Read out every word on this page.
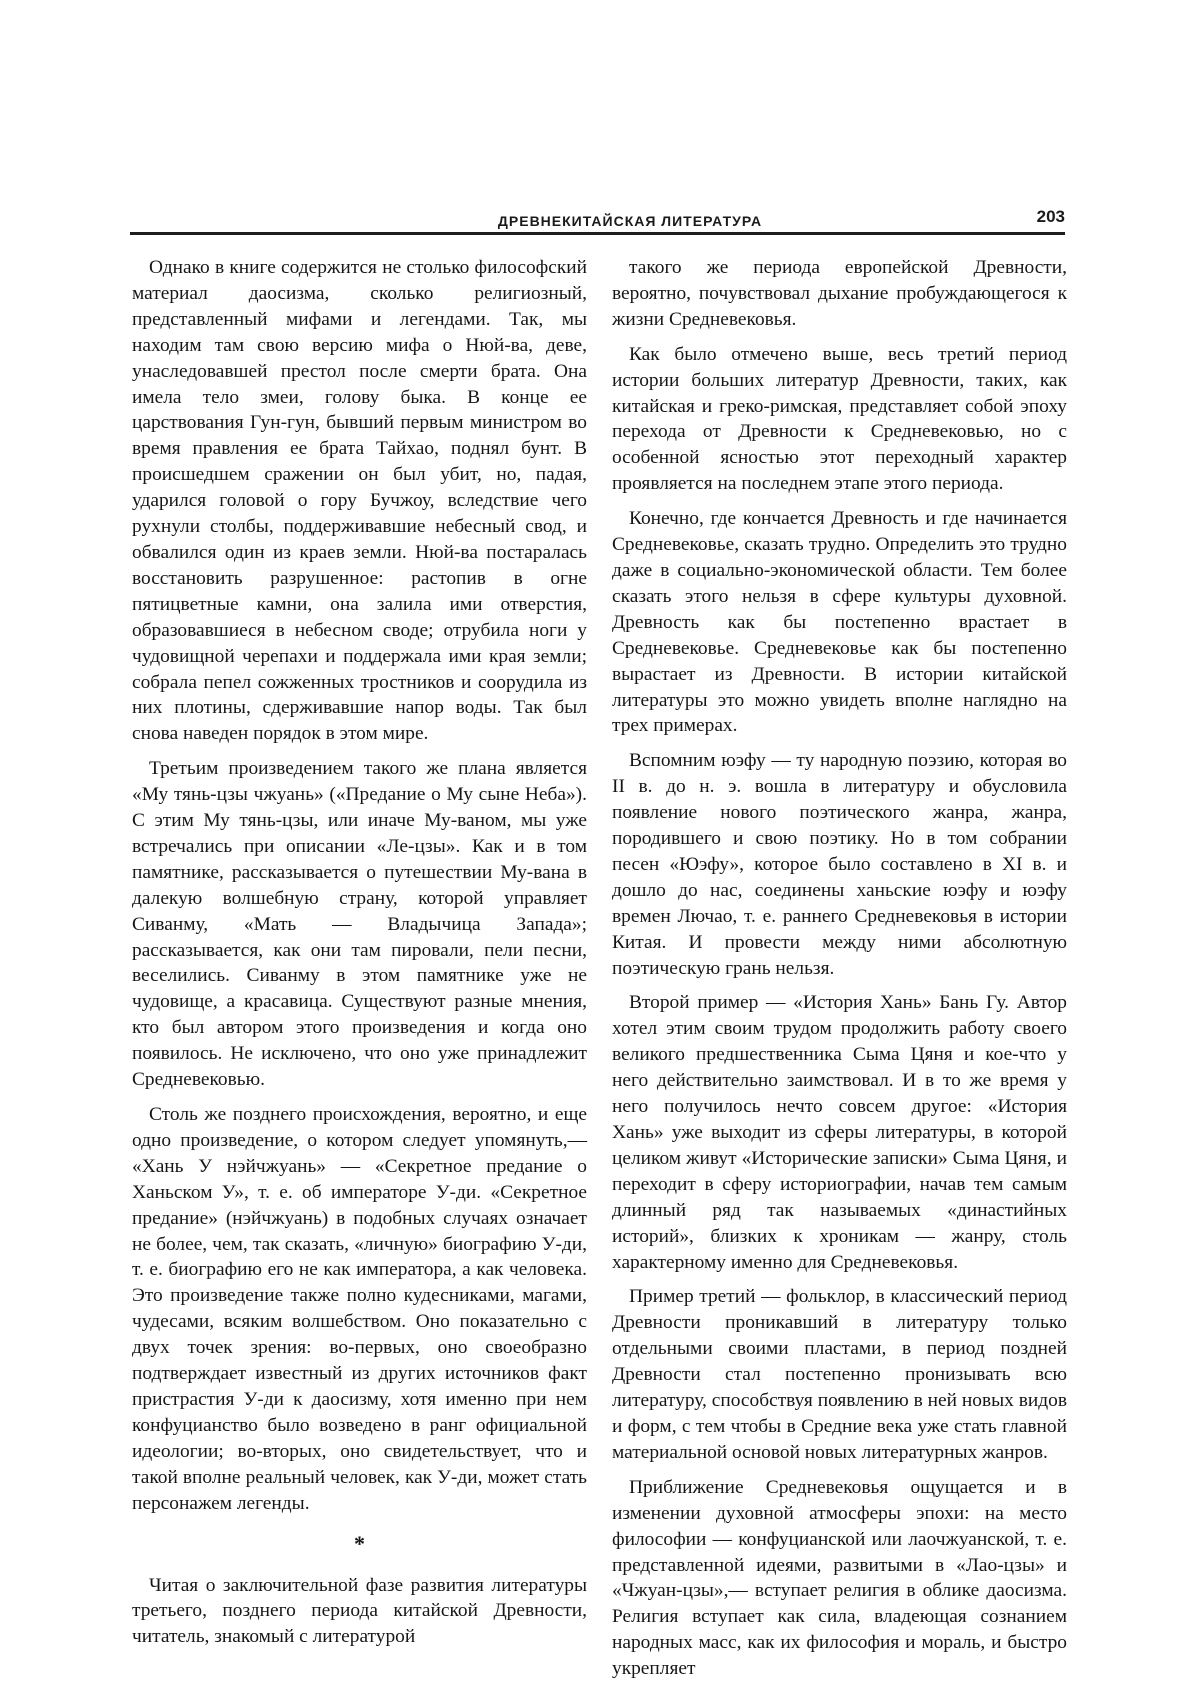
ДРЕВНЕКИТАЙСКАЯ ЛИТЕРАТУРА	203

Однако в книге содержится не столько философский материал даосизма, сколько религиозный, представленный мифами и легендами. Так, мы находим там свою версию мифа о Нюй-ва, деве, унаследовавшей престол после смерти брата. Она имела тело змеи, голову быка. В конце ее царствования Гун-гун, бывший первым министром во время правления ее брата Тайхао, поднял бунт. В происшедшем сражении он был убит, но, падая, ударился головой о гору Бучжоу, вследствие чего рухнули столбы, поддерживавшие небесный свод, и обвалился один из краев земли. Нюй-ва постаралась восстановить разрушенное: растопив в огне пятицветные камни, она залила ими отверстия, образовавшиеся в небесном своде; отрубила ноги у чудовищной черепахи и поддержала ими края земли; собрала пепел сожженных тростников и соорудила из них плотины, сдерживавшие напор воды. Так был снова наведен порядок в этом мире.

Третьим произведением такого же плана является «Му тянь-цзы чжуань» («Предание о Му сыне Неба»). С этим Му тянь-цзы, или иначе Му-ваном, мы уже встречались при описании «Ле-цзы». Как и в том памятнике, рассказывается о путешествии Му-вана в далекую волшебную страну, которой управляет Сиванму, «Мать — Владычица Запада»; рассказывается, как они там пировали, пели песни, веселились. Сиванму в этом памятнике уже не чудовище, а красавица. Существуют разные мнения, кто был автором этого произведения и когда оно появилось. Не исключено, что оно уже принадлежит Средневековью.

Столь же позднего происхождения, вероятно, и еще одно произведение, о котором следует упомянуть,— «Хань У нэйчжуань» — «Секретное предание о Ханьском У», т. е. об императоре У-ди. «Секретное предание» (нэйчжуань) в подобных случаях означает не более, чем, так сказать, «личную» биографию У-ди, т. е. биографию его не как императора, а как человека. Это произведение также полно кудесниками, магами, чудесами, всяким волшебством. Оно показательно с двух точек зрения: во-первых, оно своеобразно подтверждает известный из других источников факт пристрастия У-ди к даосизму, хотя именно при нем конфуцианство было возведено в ранг официальной идеологии; во-вторых, оно свидетельствует, что и такой вполне реальный человек, как У-ди, может стать персонажем легенды.

*

Читая о заключительной фазе развития литературы третьего, позднего периода китайской Древности, читатель, знакомый с литературой

такого же периода европейской Древности, вероятно, почувствовал дыхание пробуждающегося к жизни Средневековья.

Как было отмечено выше, весь третий период истории больших литератур Древности, таких, как китайская и греко-римская, представляет собой эпоху перехода от Древности к Средневековью, но с особенной ясностью этот переходный характер проявляется на последнем этапе этого периода.

Конечно, где кончается Древность и где начинается Средневековье, сказать трудно. Определить это трудно даже в социально-экономической области. Тем более сказать этого нельзя в сфере культуры духовной. Древность как бы постепенно врастает в Средневековье. Средневековье как бы постепенно вырастает из Древности. В истории китайской литературы это можно увидеть вполне наглядно на трех примерах.

Вспомним юэфу — ту народную поэзию, которая во II в. до н. э. вошла в литературу и обусловила появление нового поэтического жанра, жанра, породившего и свою поэтику. Но в том собрании песен «Юэфу», которое было составлено в XI в. и дошло до нас, соединены ханьские юэфу и юэфу времен Лючао, т. е. раннего Средневековья в истории Китая. И провести между ними абсолютную поэтическую грань нельзя.

Второй пример — «История Хань» Бань Гу. Автор хотел этим своим трудом продолжить работу своего великого предшественника Сыма Цяня и кое-что у него действительно заимствовал. И в то же время у него получилось нечто совсем другое: «История Хань» уже выходит из сферы литературы, в которой целиком живут «Исторические записки» Сыма Цяня, и переходит в сферу историографии, начав тем самым длинный ряд так называемых «династийных историй», близких к хроникам — жанру, столь характерному именно для Средневековья.

Пример третий — фольклор, в классический период Древности проникавший в литературу только отдельными своими пластами, в период поздней Древности стал постепенно пронизывать всю литературу, способствуя появлению в ней новых видов и форм, с тем чтобы в Средние века уже стать главной материальной основой новых литературных жанров.

Приближение Средневековья ощущается и в изменении духовной атмосферы эпохи: на место философии — конфуцианской или лаочжуанской, т. е. представленной идеями, развитыми в «Лао-цзы» и «Чжуан-цзы»,— вступает религия в облике даосизма. Религия вступает как сила, владеющая сознанием народных масс, как их философия и мораль, и быстро укрепляет
